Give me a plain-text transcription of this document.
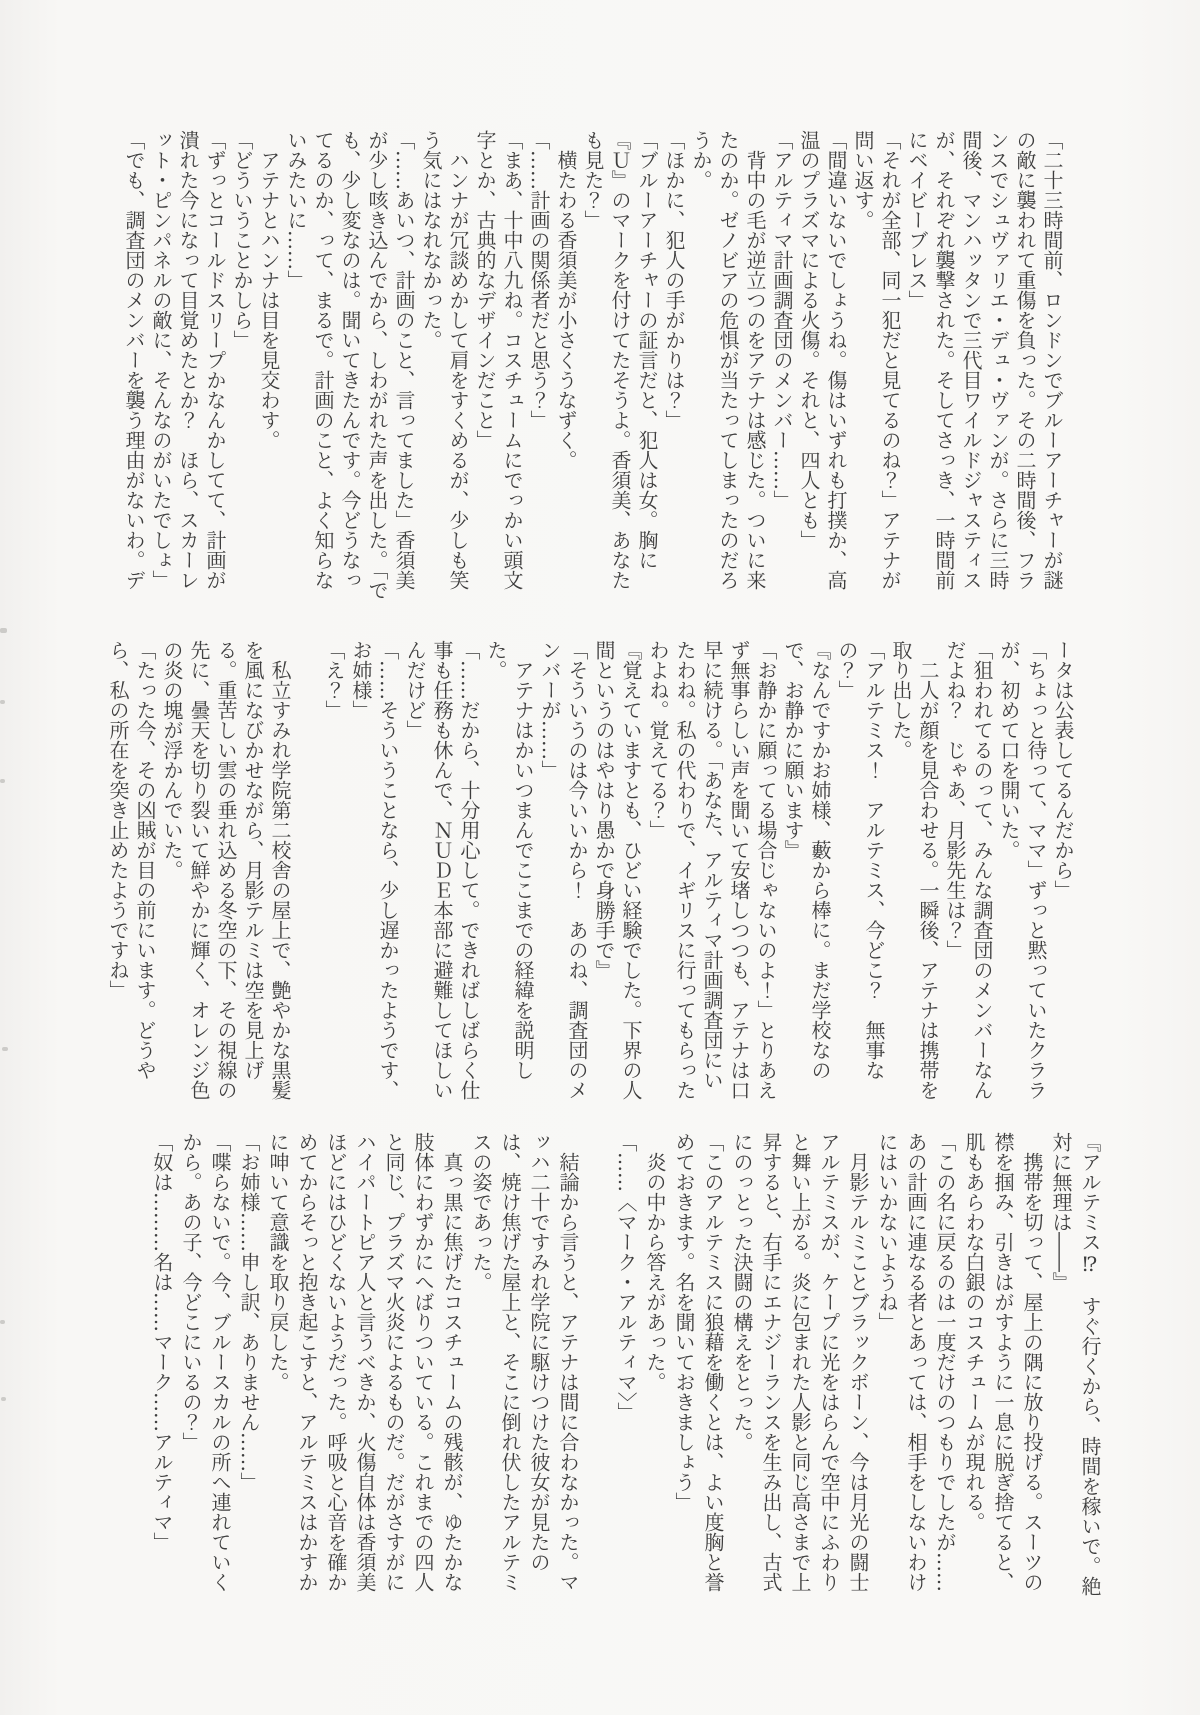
「二十三時間前、ロンドンでブルーアーチャーが謎の敵に襲われて重傷を負った。その二時間後、フランスでシュヴァリエ・デュ・ヴァンが。さらに三時間後、マンハッタンで三代目ワイルドジャスティスが、それぞれ襲撃された。そしてさっき、一時間前にベイビーブレス」

「それが全部、同一犯だと見てるのね？」アテナが問い返す。

「間違いないでしょうね。傷はいずれも打撲か、高温のプラズマによる火傷。それと、四人とも」

「アルティマ計画調査団のメンバー……」

背中の毛が逆立つのをアテナは感じた。ついに来たのか。ゼノビアの危惧が当たってしまったのだろうか。

「ほかに、犯人の手がかりは？」

「ブルーアーチャーの証言だと、犯人は女。胸に『Ｕ』のマークを付けてたそうよ。香須美、あなたも見た？」

横たわる香須美が小さくうなずく。

「……計画の関係者だと思う？」

「まあ、十中八九ね。コスチュームにでっかい頭文字とか、古典的なデザインだこと」

ハンナが冗談めかして肩をすくめるが、少しも笑う気にはなれなかった。

「……あいつ、計画のこと、言ってました」香須美が少し咳き込んでから、しわがれた声を出した。「でも、少し変なのは。聞いてきたんです。今どうなってるのか、って、まるで。計画のこと、よく知らないみたいに……」

アテナとハンナは目を見交わす。

「どういうことかしら」

「ずっとコールドスリープかなんかしてて、計画が潰れた今になって目覚めたとか？　ほら、スカーレット・ピンパネルの敵に、そんなのがいたでしょ」

「でも、調査団のメンバーを襲う理由がないわ。デ

ータは公表してるんだから」

「ちょっと待って、ママ」ずっと黙っていたクララが、初めて口を開いた。

「狙われてるのって、みんな調査団のメンバーなんだよね？　じゃあ、月影先生は？」

二人が顔を見合わせる。一瞬後、アテナは携帯を取り出した。

「アルテミス！　アルテミス、今どこ？　無事なの？」

『なんですかお姉様、藪から棒に。まだ学校なので、お静かに願います』

「お静かに願ってる場合じゃないのよ！」とりあえず無事らしい声を聞いて安堵しつつも、アテナは口早に続ける。「あなた、アルティマ計画調査団にいたわね。私の代わりで、イギリスに行ってもらったわよね。覚えてる？」

『覚えていますとも、ひどい経験でした。下界の人間というのはやはり愚かで身勝手で』

「そういうのは今いいから！　あのね、調査団のメンバーが……」

アテナはかいつまんでここまでの経緯を説明した。

「……だから、十分用心して。できればしばらく仕事も任務も休んで、ＮＵＤＥ本部に避難してほしいんだけど」

「……そういうことなら、少し遅かったようです、お姉様」

「え？」

私立すみれ学院第二校舎の屋上で、艶やかな黒髪を風になびかせながら、月影テルミは空を見上げる。重苦しい雲の垂れ込める冬空の下、その視線の先に、曇天を切り裂いて鮮やかに輝く、オレンジ色の炎の塊が浮かんでいた。

「たった今、その凶賊が目の前にいます。どうやら、私の所在を突き止めたようですね」

『アルテミス⁉　すぐ行くから、時間を稼いで。絶対に無理は――』

携帯を切って、屋上の隅に放り投げる。スーツの襟を掴み、引きはがすように一息に脱ぎ捨てると、肌もあらわな白銀のコスチュームが現れる。

「この名に戻るのは一度だけのつもりでしたが……あの計画に連なる者とあっては、相手をしないわけにはいかないようね」

月影テルミことブラックボーン、今は月光の闘士アルテミスが、ケープに光をはらんで空中にふわりと舞い上がる。炎に包まれた人影と同じ高さまで上昇すると、右手にエナジーランスを生み出し、古式にのっとった決闘の構えをとった。

「このアルテミスに狼藉を働くとは、よい度胸と誉めておきます。名を聞いておきましょう」

炎の中から答えがあった。

「……〈マーク・アルティマ〉」

結論から言うと、アテナは間に合わなかった。マッハ二十ですみれ学院に駆けつけた彼女が見たのは、焼け焦げた屋上と、そこに倒れ伏したアルテミスの姿であった。

真っ黒に焦げたコスチュームの残骸が、ゆたかな肢体にわずかにへばりついている。これまでの四人と同じ、プラズマ火炎によるものだ。だがさすがにハイパートピア人と言うべきか、火傷自体は香須美ほどにはひどくないようだった。呼吸と心音を確かめてからそっと抱き起こすと、アルテミスはかすかに呻いて意識を取り戻した。

「お姉様……申し訳、ありません……」

「喋らないで。今、ブルースカルの所へ連れていくから。あの子、今どこにいるの？」

「奴は………名は……マーク……アルティマ」
